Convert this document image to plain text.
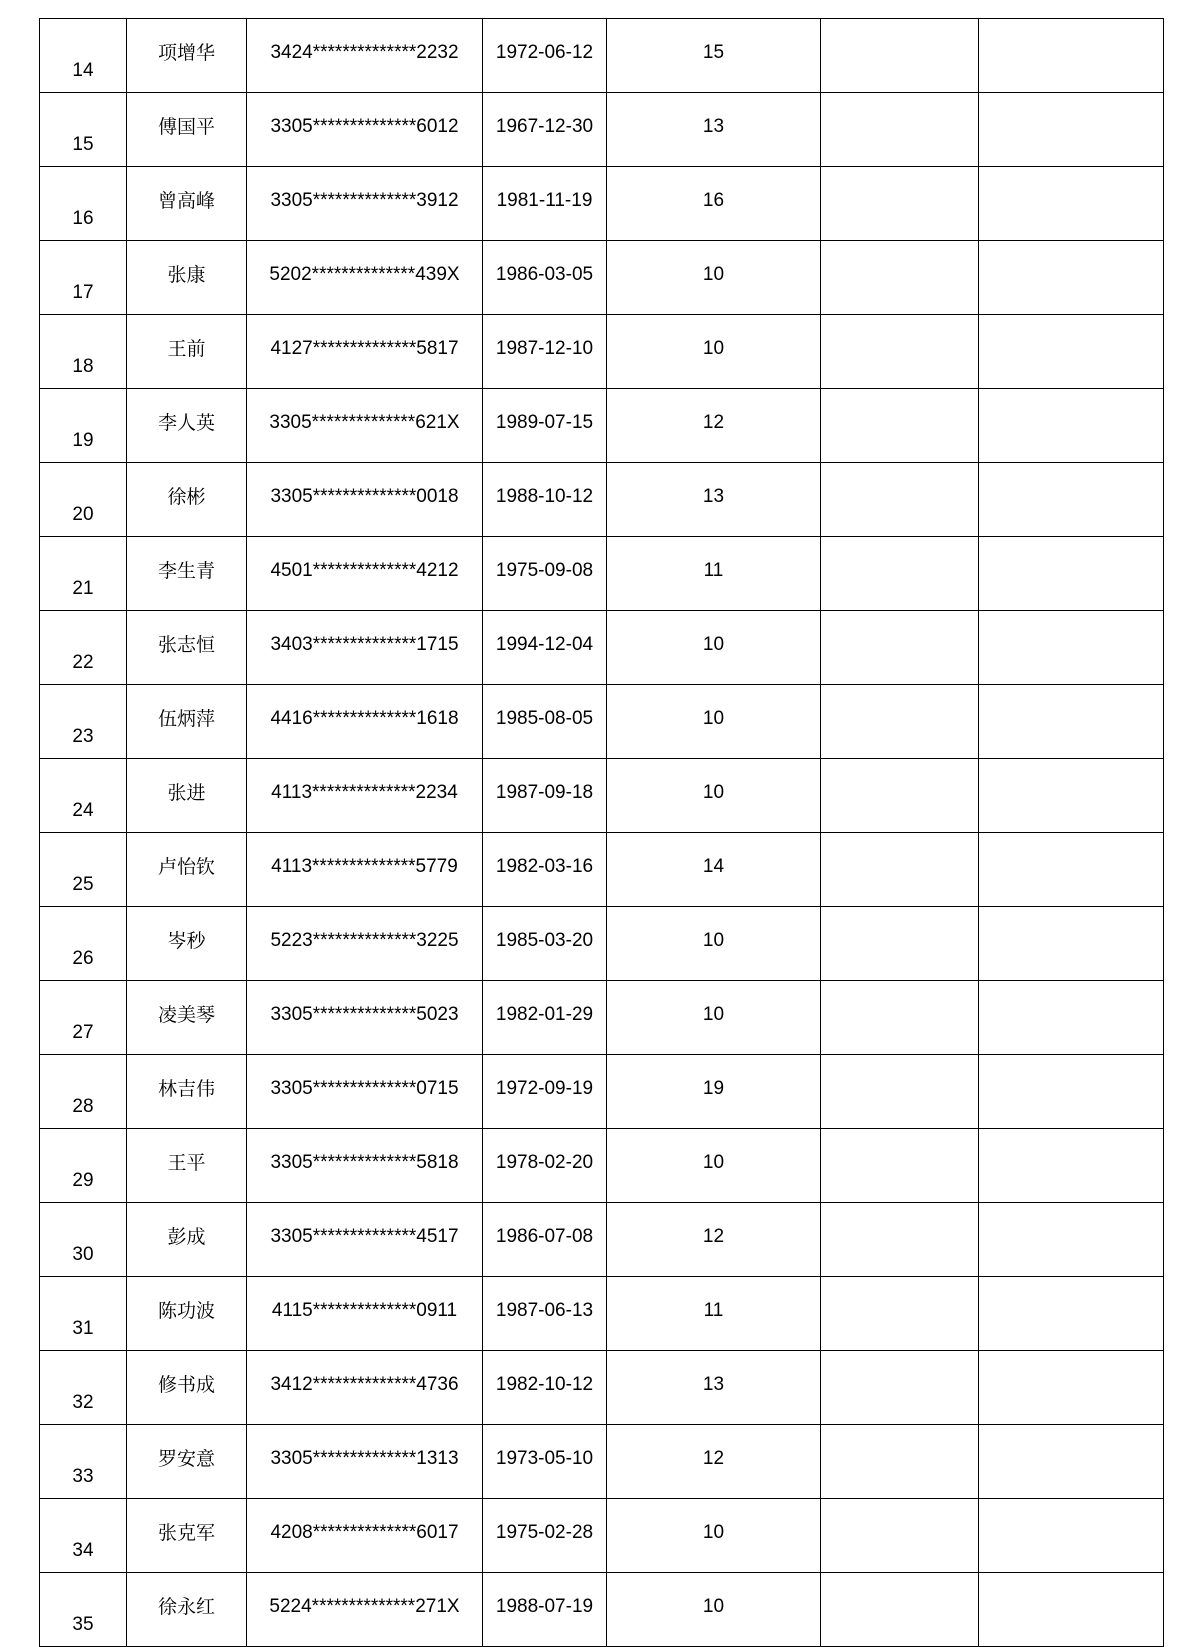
14	项增华	3424**************2232	1972-06-12	15		
15	傅国平	3305**************6012	1967-12-30	13		
16	曾高峰	3305**************3912	1981-11-19	16		
17	张康	5202**************439X	1986-03-05	10		
18	王前	4127**************5817	1987-12-10	10		
19	李人英	3305**************621X	1989-07-15	12		
20	徐彬	3305**************0018	1988-10-12	13		
21	李生青	4501**************4212	1975-09-08	11		
22	张志恒	3403**************1715	1994-12-04	10		
23	伍炳萍	4416**************1618	1985-08-05	10		
24	张进	4113**************2234	1987-09-18	10		
25	卢怡钦	4113**************5779	1982-03-16	14		
26	岑秒	5223**************3225	1985-03-20	10		
27	凌美琴	3305**************5023	1982-01-29	10		
28	林吉伟	3305**************0715	1972-09-19	19		
29	王平	3305**************5818	1978-02-20	10		
30	彭成	3305**************4517	1986-07-08	12		
31	陈功波	4115**************0911	1987-06-13	11		
32	修书成	3412**************4736	1982-10-12	13		
33	罗安意	3305**************1313	1973-05-10	12		
34	张克军	4208**************6017	1975-02-28	10		
35	徐永红	5224**************271X	1988-07-19	10		
